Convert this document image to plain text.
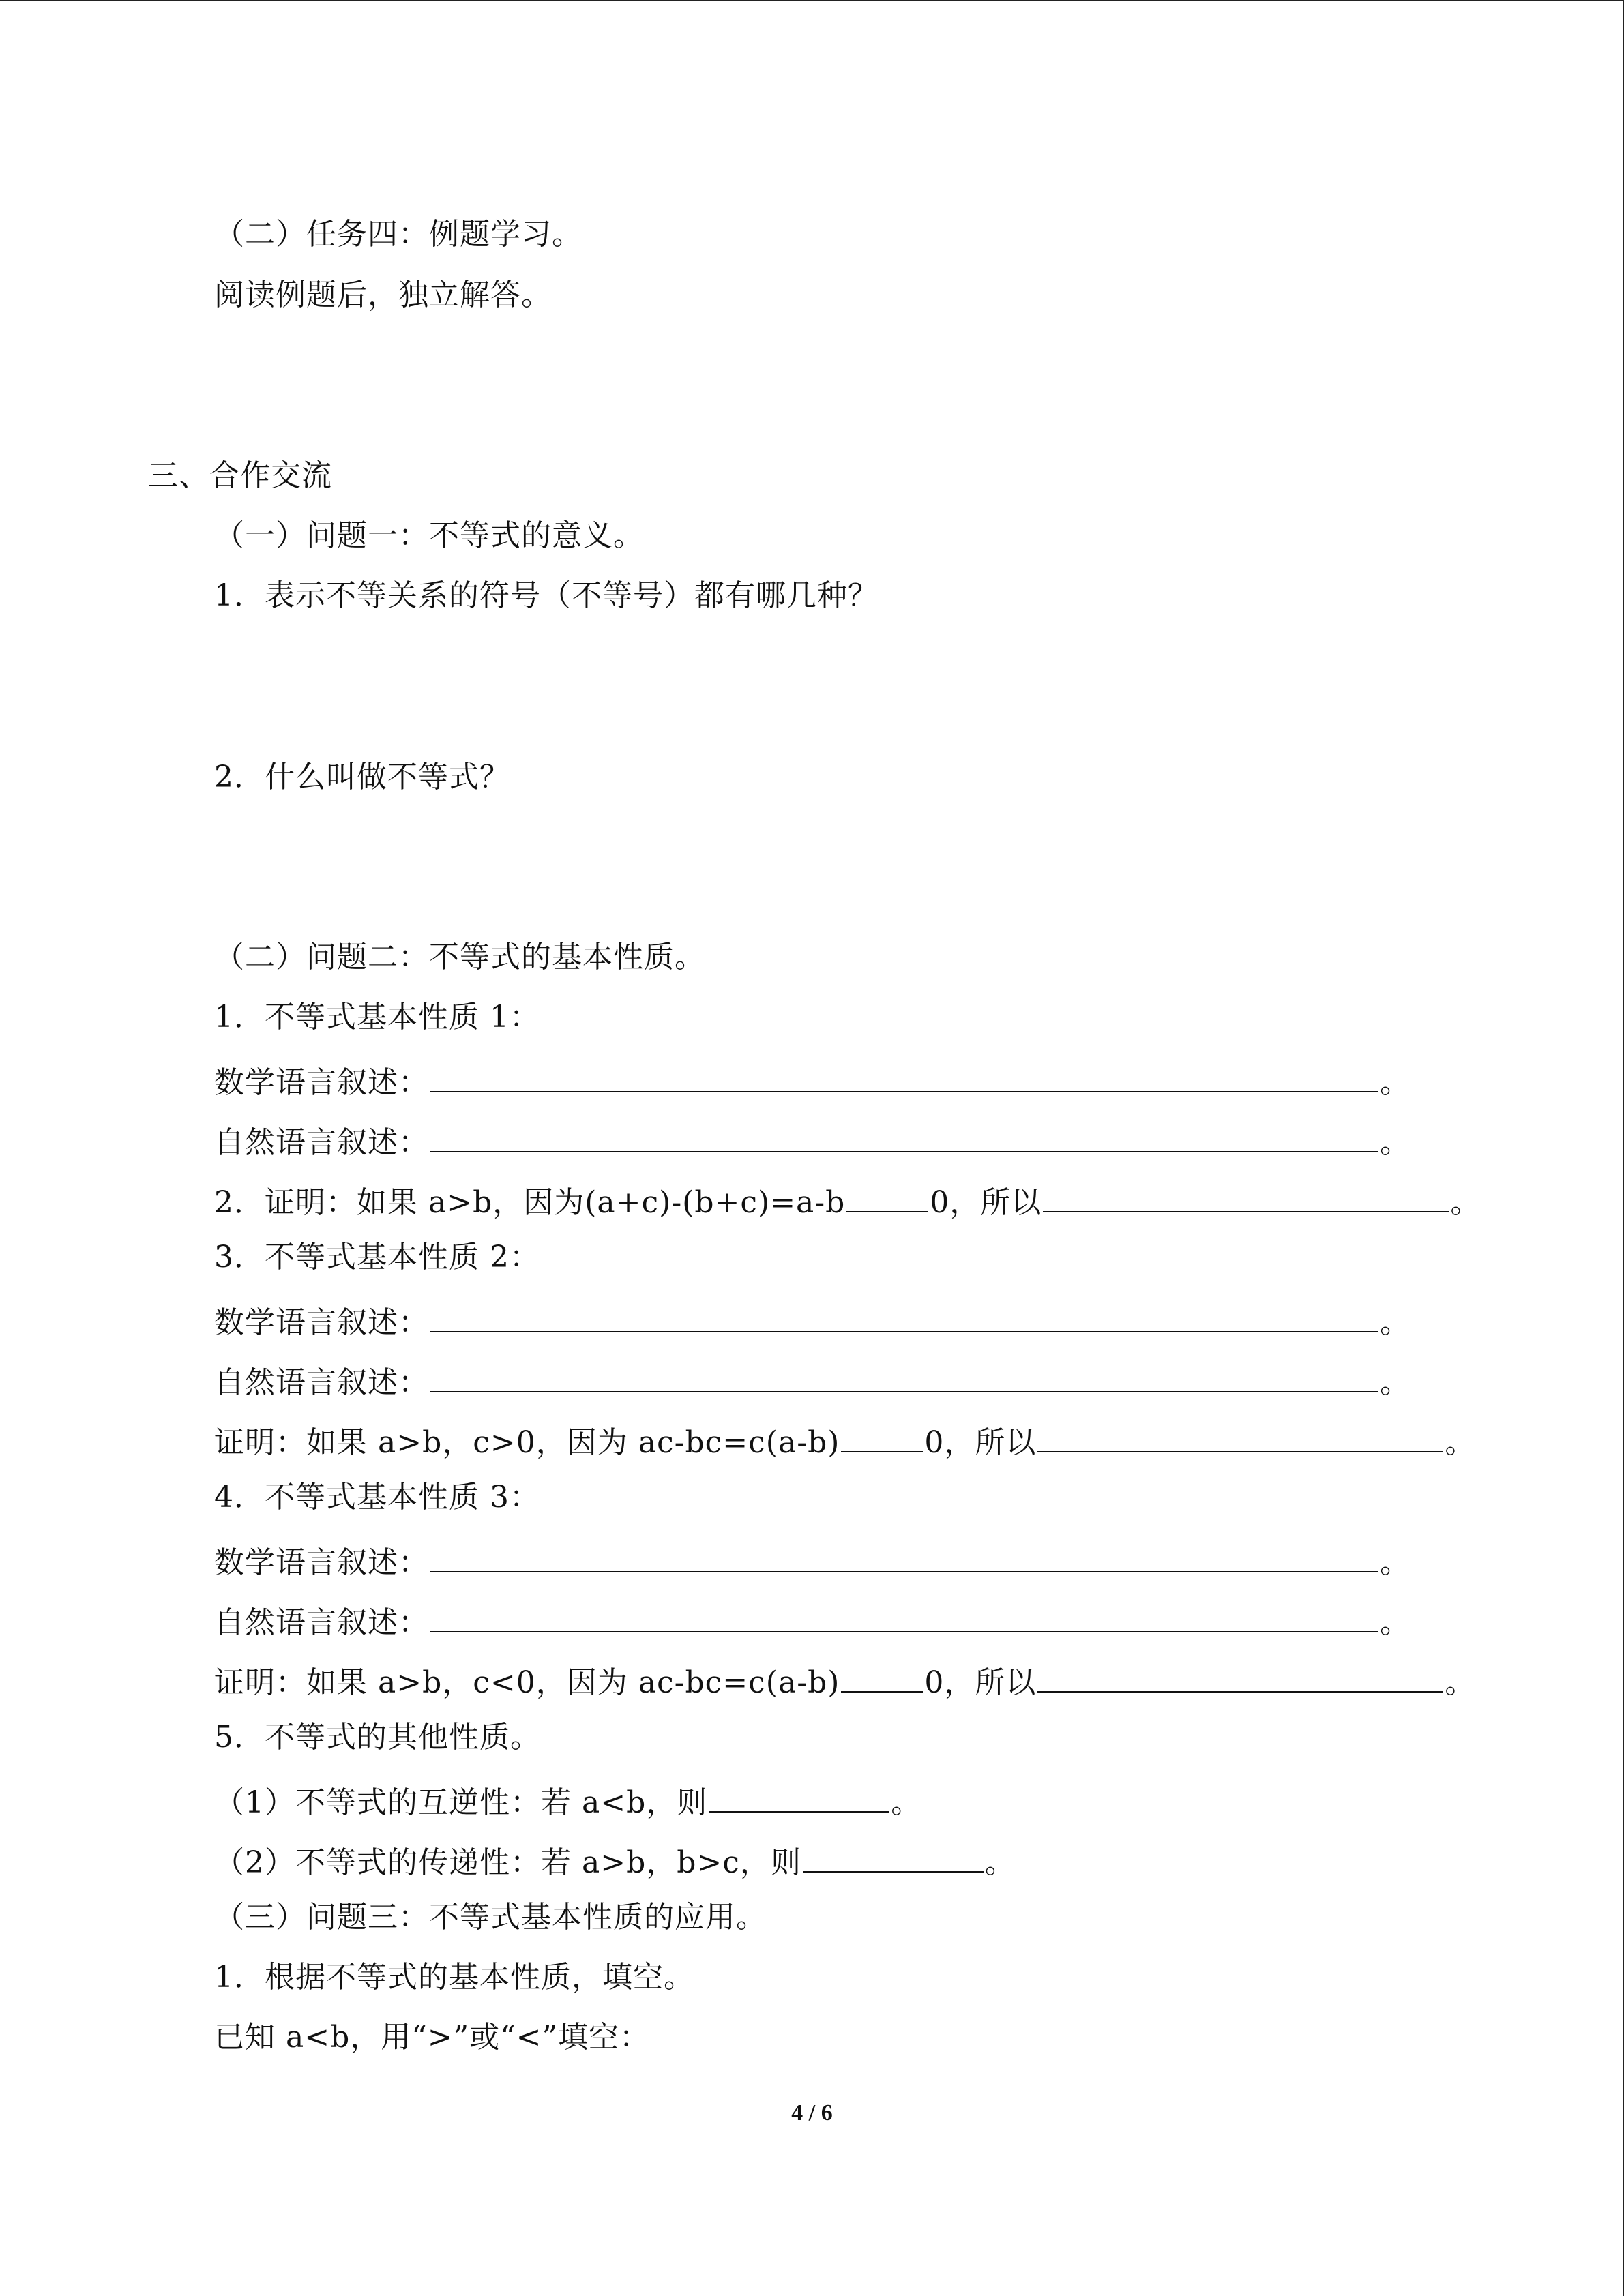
（二）任务四：例题学习。
阅读例题后，独立解答。
三、合作交流
（一）问题一：不等式的意义。
1．表示不等关系的符号（不等号）都有哪几种？
2．什么叫做不等式？
（二）问题二：不等式的基本性质。
1．不等式基本性质 1：
数学语言叙述：	。
自然语言叙述：	。
2．证明：如果 a>b，因为(a+c)-(b+c)=a-b	0，所以	。
3．不等式基本性质 2：
数学语言叙述：	。
自然语言叙述：	。
证明：如果 a>b，c>0，因为 ac-bc=c(a-b)	0，所以	。
4．不等式基本性质 3：
数学语言叙述：	。
自然语言叙述：	。
证明：如果 a>b，c<0，因为 ac-bc=c(a-b)	0，所以	。
5．不等式的其他性质。
（1）不等式的互逆性：若 a<b，则	。
（2）不等式的传递性：若 a>b，b>c，则	。
（三）问题三：不等式基本性质的应用。
1．根据不等式的基本性质，填空。
已知 a<b，用“>”或“<”填空：
4 / 6
